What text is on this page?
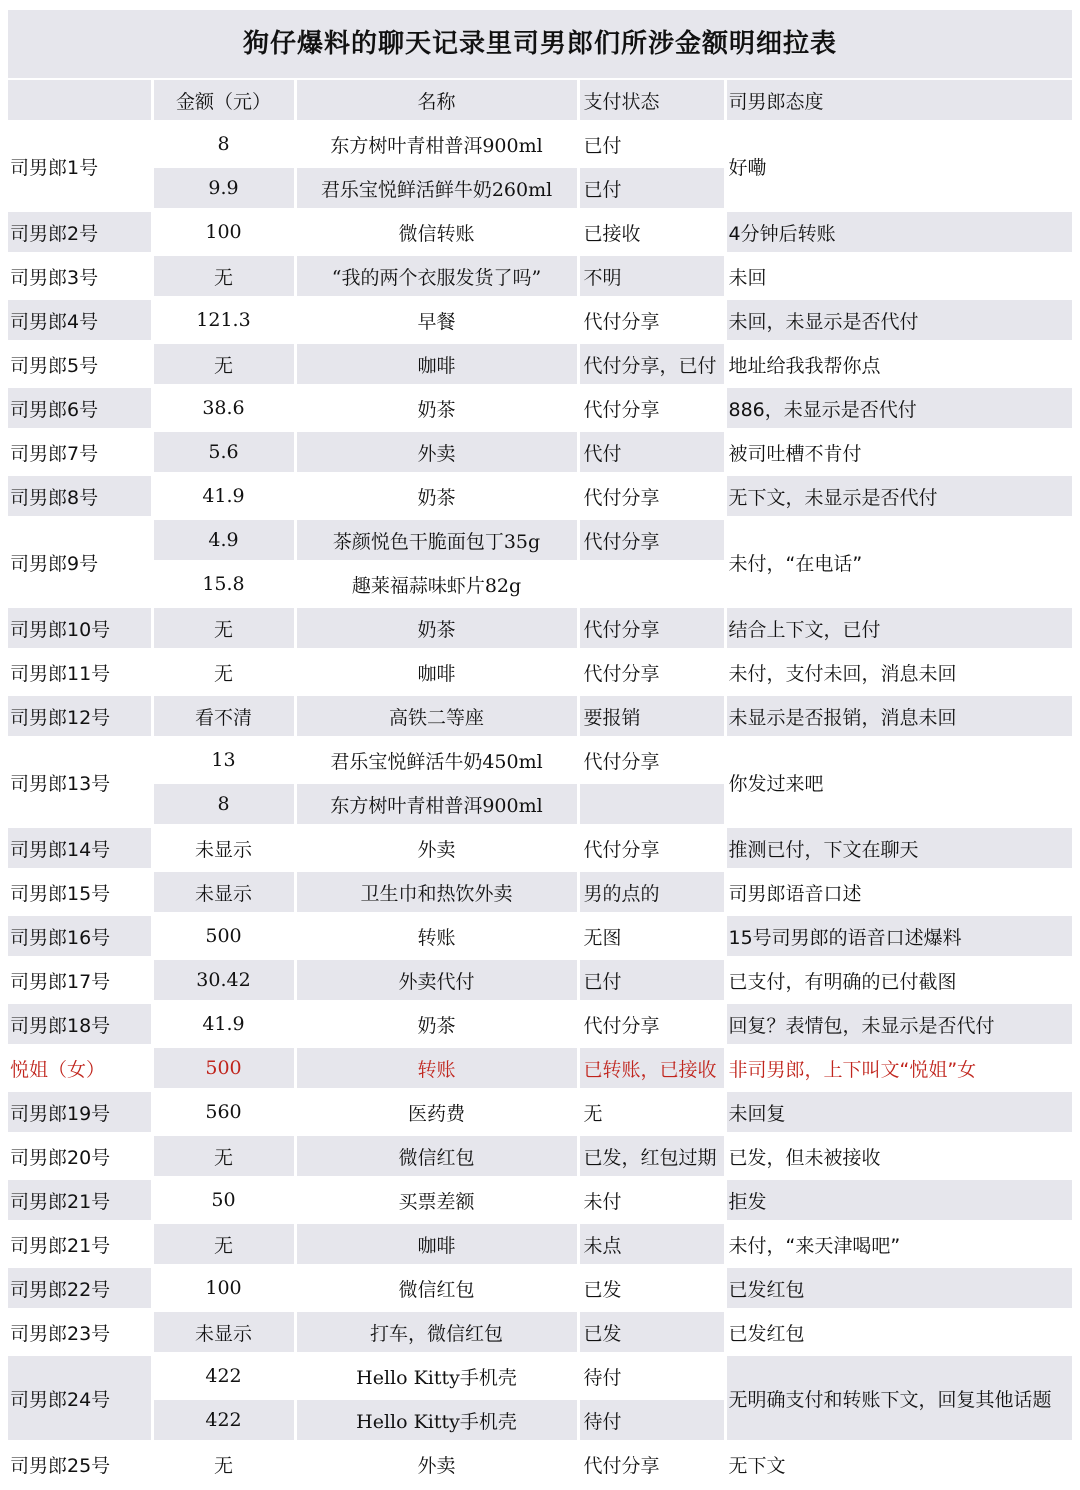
狗仔爆料的聊天记录里司男郎们所涉金额明细拉表
	金额（元）	名称	支付状态	司男郎态度
司男郎1号	8	东方树叶青柑普洱900ml	已付	好嘞
	9.9	君乐宝悦鲜活鲜牛奶260ml	已付	
司男郎2号	100	微信转账	已接收	4分钟后转账
司男郎3号	无	“我的两个衣服发货了吗”	不明	未回
司男郎4号	121.3	早餐	代付分享	未回，未显示是否代付
司男郎5号	无	咖啡	代付分享，已付	地址给我我帮你点
司男郎6号	38.6	奶茶	代付分享	886，未显示是否代付
司男郎7号	5.6	外卖	代付	被司吐槽不肯付
司男郎8号	41.9	奶茶	代付分享	无下文，未显示是否代付
司男郎9号	4.9	茶颜悦色干脆面包丁35g	代付分享	未付，“在电话”
	15.8	趣莱福蒜味虾片82g		
司男郎10号	无	奶茶	代付分享	结合上下文，已付
司男郎11号	无	咖啡	代付分享	未付，支付未回，消息未回
司男郎12号	看不清	高铁二等座	要报销	未显示是否报销，消息未回
司男郎13号	13	君乐宝悦鲜活牛奶450ml	代付分享	你发过来吧
	8	东方树叶青柑普洱900ml		
司男郎14号	未显示	外卖	代付分享	推测已付，下文在聊天
司男郎15号	未显示	卫生巾和热饮外卖	男的点的	司男郎语音口述
司男郎16号	500	转账	无图	15号司男郎的语音口述爆料
司男郎17号	30.42	外卖代付	已付	已支付，有明确的已付截图
司男郎18号	41.9	奶茶	代付分享	回复？表情包，未显示是否代付
悦姐（女）	500	转账	已转账，已接收	非司男郎，上下叫文“悦姐”女
司男郎19号	560	医药费	无	未回复
司男郎20号	无	微信红包	已发，红包过期	已发，但未被接收
司男郎21号	50	买票差额	未付	拒发
司男郎21号	无	咖啡	未点	未付，“来天津喝吧”
司男郎22号	100	微信红包	已发	已发红包
司男郎23号	未显示	打车，微信红包	已发	已发红包
司男郎24号	422	Hello Kitty手机壳	待付	无明确支付和转账下文，回复其他话题
	422	Hello Kitty手机壳	待付	
司男郎25号	无	外卖	代付分享	无下文
